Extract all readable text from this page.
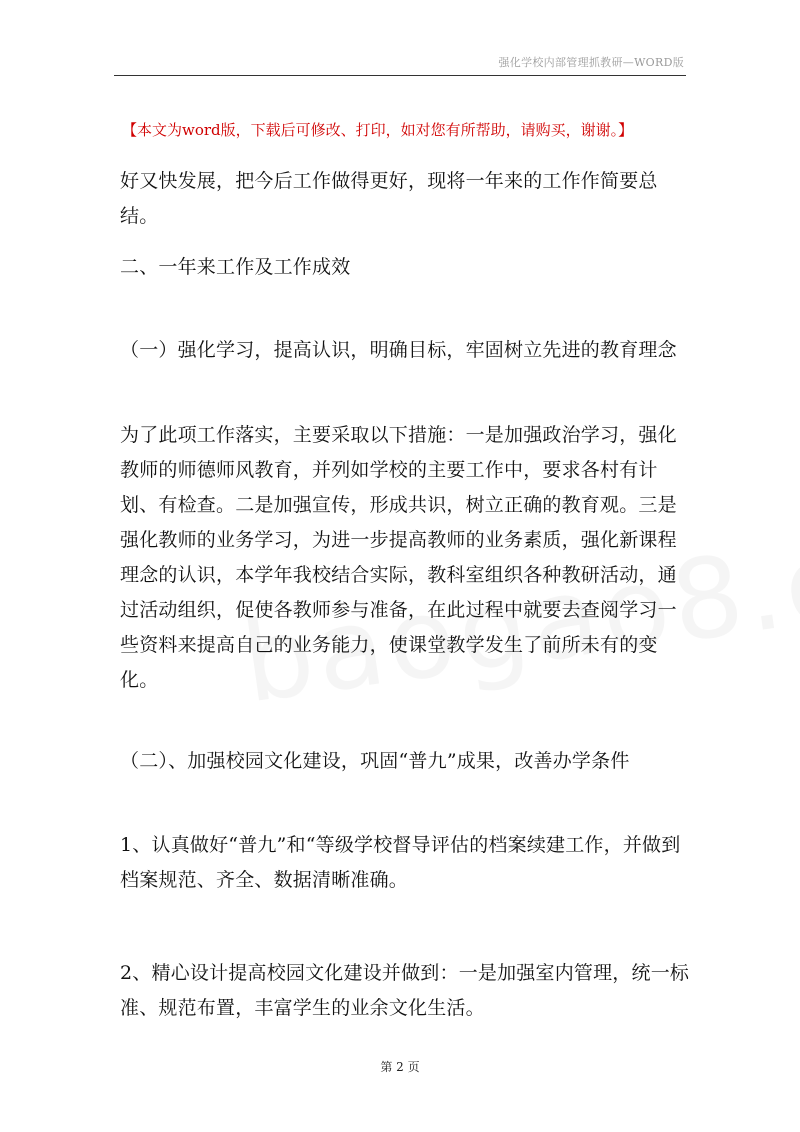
强化学校内部管理抓教研—WORD版
【本文为word版，下载后可修改、打印，如对您有所帮助，请购买，谢谢。】

好又快发展，把今后工作做得更好，现将一年来的工作作简要总结。

二、一年来工作及工作成效

（一）强化学习，提高认识，明确目标，牢固树立先进的教育理念

为了此项工作落实，主要采取以下措施：一是加强政治学习，强化教师的师德师风教育，并列如学校的主要工作中，要求各村有计划、有检查。二是加强宣传，形成共识，树立正确的教育观。三是强化教师的业务学习，为进一步提高教师的业务素质，强化新课程理念的认识，本学年我校结合实际，教科室组织各种教研活动，通过活动组织，促使各教师参与准备，在此过程中就要去查阅学习一些资料来提高自己的业务能力，使课堂教学发生了前所未有的变化。

（二）、加强校园文化建设，巩固“普九”成果，改善办学条件

1、认真做好“普九”和“等级学校督导评估的档案续建工作，并做到档案规范、齐全、数据清晰准确。

2、精心设计提高校园文化建设并做到：一是加强室内管理，统一标准、规范布置，丰富学生的业余文化生活。

第 2 页
